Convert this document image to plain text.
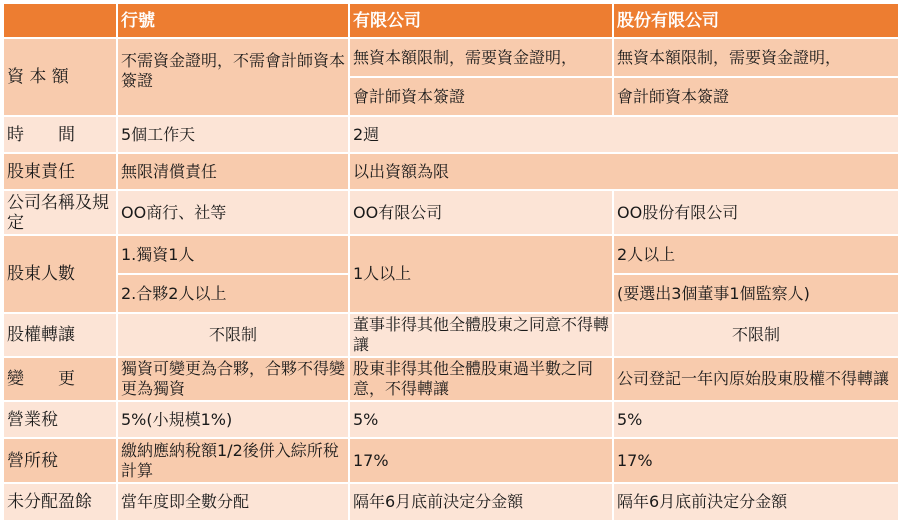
	行號	有限公司	股份有限公司
資 本 額	不需資金證明，不需會計師資本簽證	無資本額限制，需要資金證明，	無資本額限制，需要資金證明，
		會計師資本簽證	會計師資本簽證
時　　間	5個工作天	2週	
股東責任	無限清償責任	以出資額為限	
公司名稱及規定	OO商行、社等	OO有限公司	OO股份有限公司
股東人數	1.獨資1人	1人以上	2人以上
	2.合夥2人以上		(要選出3個董事1個監察人)
股權轉讓	不限制	董事非得其他全體股東之同意不得轉讓	不限制
變　　更	獨資可變更為合夥，合夥不得變更為獨資	股東非得其他全體股東過半數之同意，不得轉讓	公司登記一年內原始股東股權不得轉讓
營業稅	5%(小規模1%)	5%	5%
營所稅	繳納應納稅額1/2後併入綜所稅計算	17%	17%
未分配盈餘	當年度即全數分配	隔年6月底前決定分金額	隔年6月底前決定分金額
